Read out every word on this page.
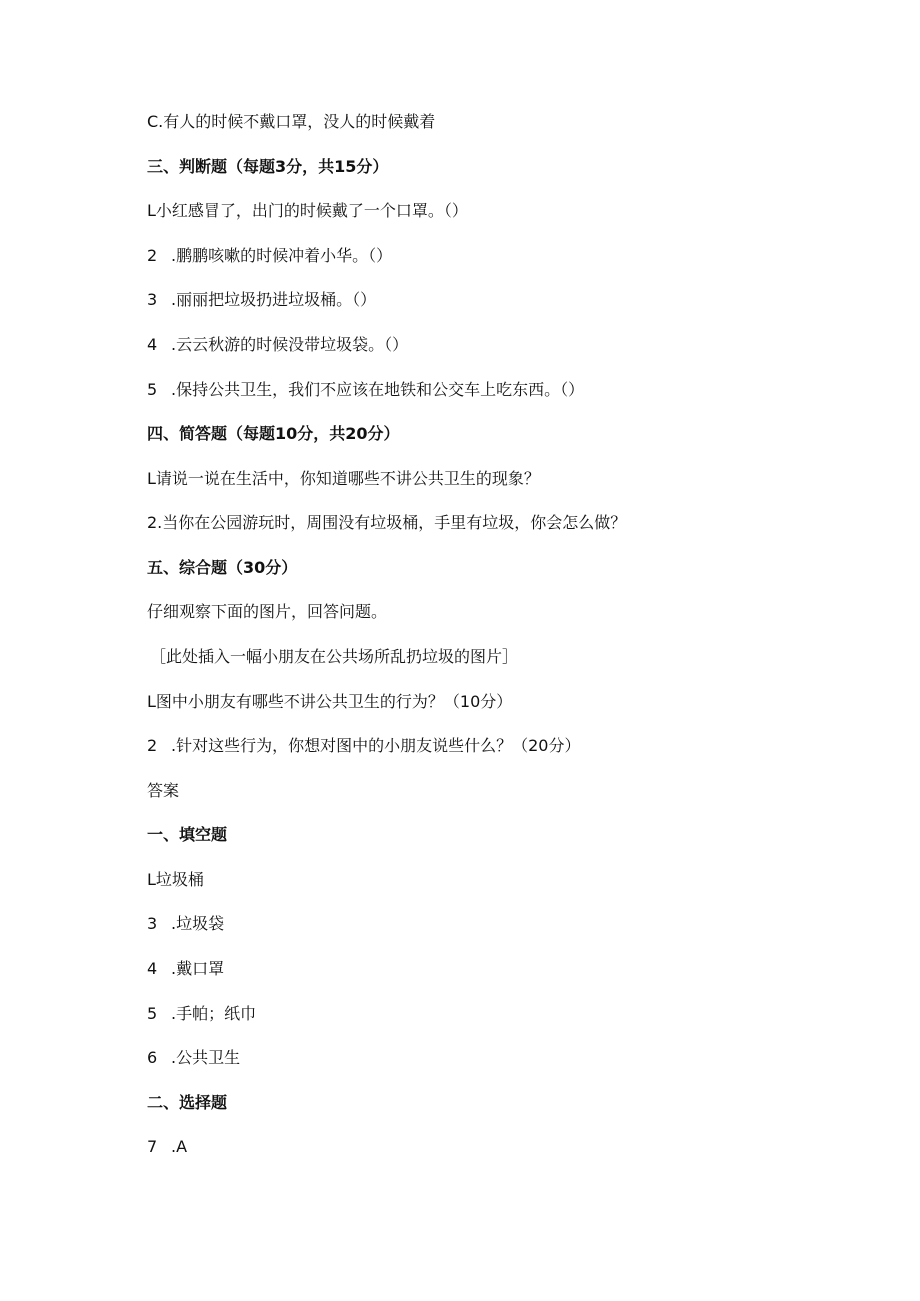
C.有人的时候不戴口罩，没人的时候戴着
三、判断题（每题3分，共15分）
L小红感冒了，出门的时候戴了一个口罩。（）
2 .鹏鹏咳嗽的时候冲着小华。（）
3 .丽丽把垃圾扔进垃圾桶。（）
4 .云云秋游的时候没带垃圾袋。（）
5 .保持公共卫生，我们不应该在地铁和公交车上吃东西。（）
四、简答题（每题10分，共20分）
L请说一说在生活中，你知道哪些不讲公共卫生的现象？
2.当你在公园游玩时，周围没有垃圾桶，手里有垃圾，你会怎么做？
五、综合题（30分）
仔细观察下面的图片，回答问题。
［此处插入一幅小朋友在公共场所乱扔垃圾的图片］
L图中小朋友有哪些不讲公共卫生的行为？（10分）
2 .针对这些行为，你想对图中的小朋友说些什么？（20分）
答案
一、填空题
L垃圾桶
3 .垃圾袋
4 .戴口罩
5 .手帕；纸巾
6 .公共卫生
二、选择题
7 .A
